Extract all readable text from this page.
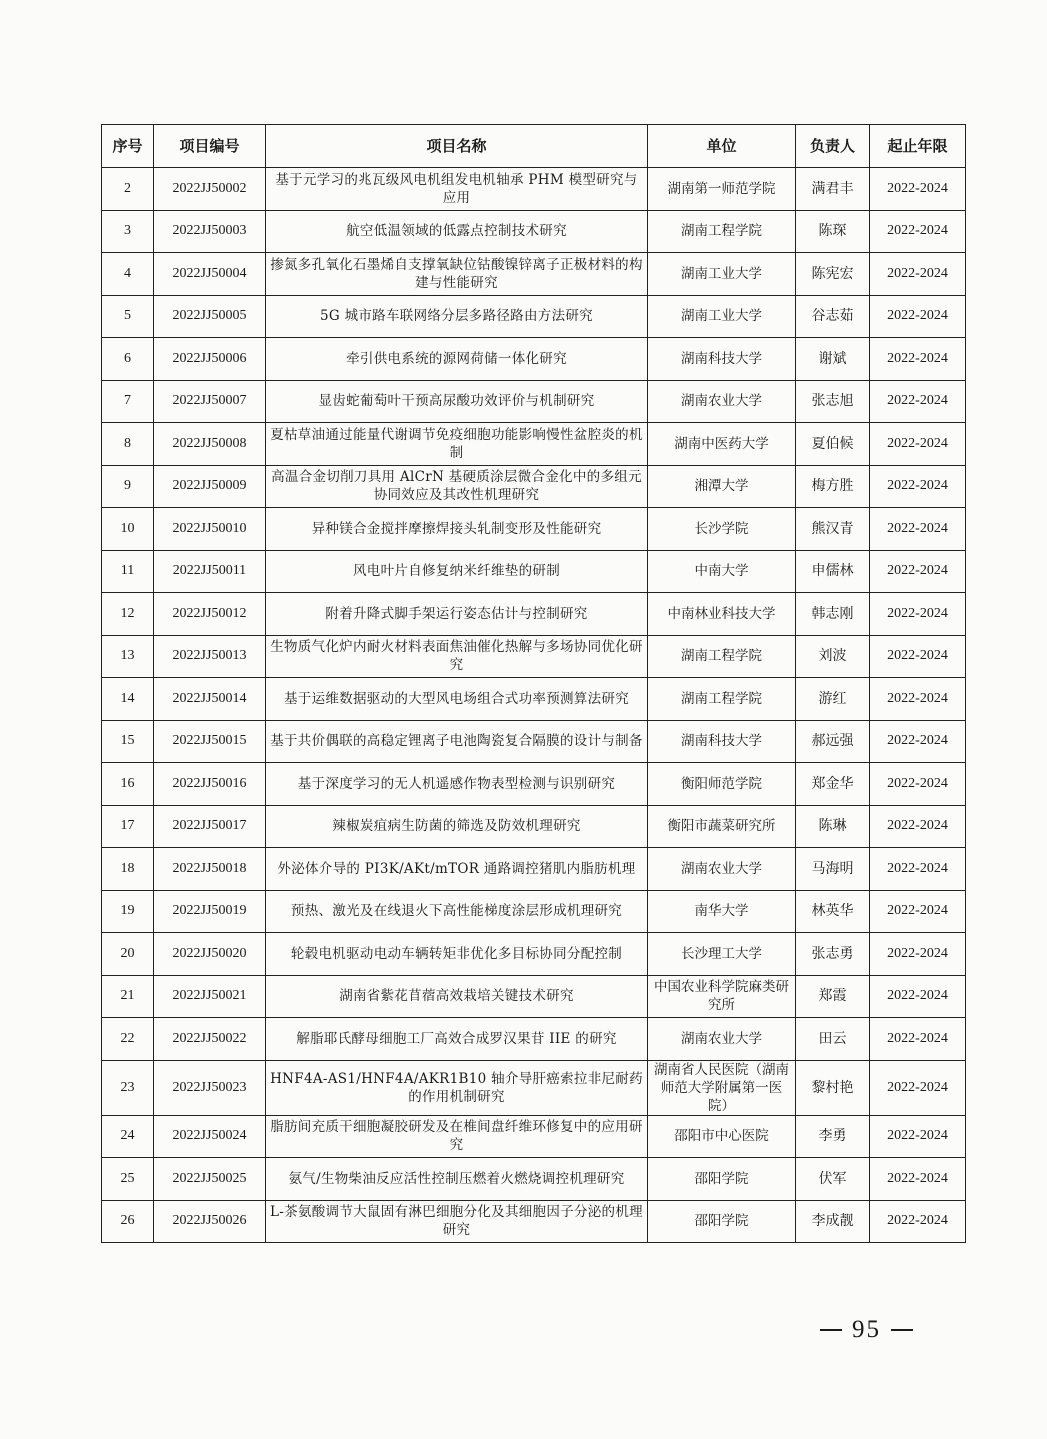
序号	项目编号	项目名称	单位	负责人	起止年限
2	2022JJ50002	基于元学习的兆瓦级风电机组发电机轴承 PHM 模型研究与应用	湖南第一师范学院	满君丰	2022-2024
3	2022JJ50003	航空低温领域的低露点控制技术研究	湖南工程学院	陈琛	2022-2024
4	2022JJ50004	掺氮多孔氧化石墨烯自支撑氧缺位钴酸镍锌离子正极材料的构建与性能研究	湖南工业大学	陈宪宏	2022-2024
5	2022JJ50005	5G 城市路车联网络分层多路径路由方法研究	湖南工业大学	谷志茹	2022-2024
6	2022JJ50006	牵引供电系统的源网荷储一体化研究	湖南科技大学	谢斌	2022-2024
7	2022JJ50007	显齿蛇葡萄叶干预高尿酸功效评价与机制研究	湖南农业大学	张志旭	2022-2024
8	2022JJ50008	夏枯草油通过能量代谢调节免疫细胞功能影响慢性盆腔炎的机制	湖南中医药大学	夏伯候	2022-2024
9	2022JJ50009	高温合金切削刀具用 AlCrN 基硬质涂层微合金化中的多组元协同效应及其改性机理研究	湘潭大学	梅方胜	2022-2024
10	2022JJ50010	异种镁合金搅拌摩擦焊接头轧制变形及性能研究	长沙学院	熊汉青	2022-2024
11	2022JJ50011	风电叶片自修复纳米纤维垫的研制	中南大学	申儒林	2022-2024
12	2022JJ50012	附着升降式脚手架运行姿态估计与控制研究	中南林业科技大学	韩志刚	2022-2024
13	2022JJ50013	生物质气化炉内耐火材料表面焦油催化热解与多场协同优化研究	湖南工程学院	刘波	2022-2024
14	2022JJ50014	基于运维数据驱动的大型风电场组合式功率预测算法研究	湖南工程学院	游红	2022-2024
15	2022JJ50015	基于共价偶联的高稳定锂离子电池陶瓷复合隔膜的设计与制备	湖南科技大学	郝远强	2022-2024
16	2022JJ50016	基于深度学习的无人机遥感作物表型检测与识别研究	衡阳师范学院	郑金华	2022-2024
17	2022JJ50017	辣椒炭疽病生防菌的筛选及防效机理研究	衡阳市蔬菜研究所	陈琳	2022-2024
18	2022JJ50018	外泌体介导的 PI3K/AKt/mTOR 通路调控猪肌内脂肪机理	湖南农业大学	马海明	2022-2024
19	2022JJ50019	预热、激光及在线退火下高性能梯度涂层形成机理研究	南华大学	林英华	2022-2024
20	2022JJ50020	轮毂电机驱动电动车辆转矩非优化多目标协同分配控制	长沙理工大学	张志勇	2022-2024
21	2022JJ50021	湖南省紫花苜蓿高效栽培关键技术研究	中国农业科学院麻类研究所	郑霞	2022-2024
22	2022JJ50022	解脂耶氏酵母细胞工厂高效合成罗汉果苷 IIE 的研究	湖南农业大学	田云	2022-2024
23	2022JJ50023	HNF4A-AS1/HNF4A/AKR1B10 轴介导肝癌索拉非尼耐药的作用机制研究	湖南省人民医院（湖南师范大学附属第一医院）	黎村艳	2022-2024
24	2022JJ50024	脂肪间充质干细胞凝胶研发及在椎间盘纤维环修复中的应用研究	邵阳市中心医院	李勇	2022-2024
25	2022JJ50025	氨气/生物柴油反应活性控制压燃着火燃烧调控机理研究	邵阳学院	伏军	2022-2024
26	2022JJ50026	L-茶氨酸调节大鼠固有淋巴细胞分化及其细胞因子分泌的机理研究	邵阳学院	李成靓	2022-2024
95
